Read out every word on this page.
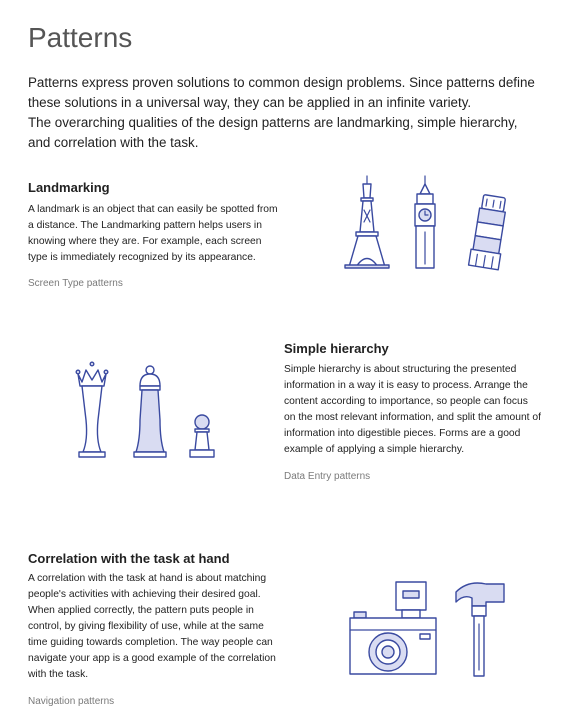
Patterns

Patterns express proven solutions to common design problems. Since patterns define these solutions in a universal way, they can be applied in an infinite variety.

The overarching qualities of the design patterns are landmarking, simple hierarchy, and correlation with the task.

Landmarking

A landmark is an object that can easily be spotted from a distance. The Landmarking pattern helps users in knowing where they are. For example, each screen type is immediately recognized by its appearance.

Screen Type patterns
Simple hierarchy

Simple hierarchy is about structuring the presented information in a way it is easy to process. Arrange the content according to importance, so people can focus on the most relevant information, and split the amount of information into digestible pieces. Forms are a good example of applying a simple hierarchy.

Data Entry patterns
Correlation with the task at hand

A correlation with the task at hand is about matching people's activities with achieving their desired goal. When applied correctly, the pattern puts people in control, by giving flexibility of use, while at the same time guiding towards completion. The way people can navigate your app is a good example of the correlation with the task.

Navigation patterns
